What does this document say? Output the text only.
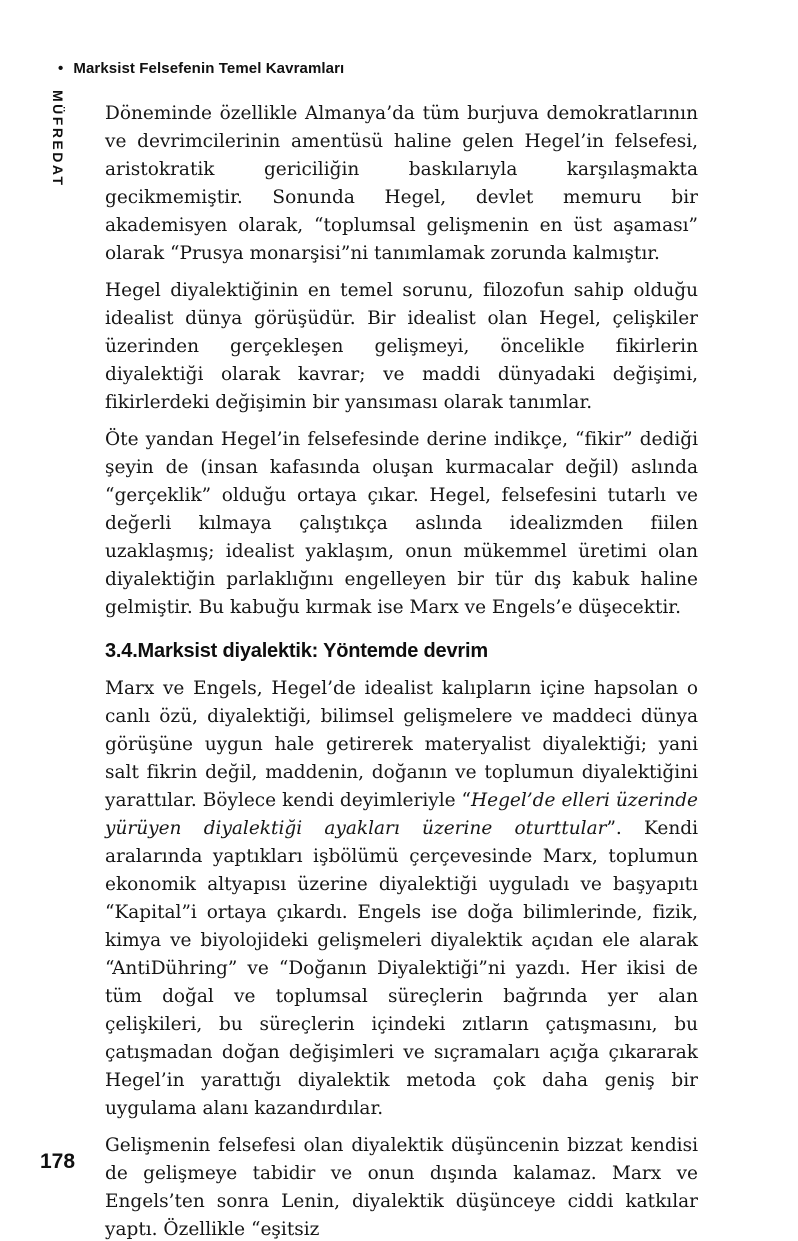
• Marksist Felsefenin Temel Kavramları
MÜFREDAT Döneminde özellikle Almanya’da tüm burjuva demokratlarının ve devrimcilerinin amentüsü haline gelen Hegel’in felsefesi, aristokratik gericiliğin baskılarıyla karşılaşmakta gecikmemiştir. Sonunda Hegel, devlet memuru bir akademisyen olarak, “toplumsal gelişmenin en üst aşaması” olarak “Prusya monarşisi”ni tanımlamak zorunda kalmıştır.

Hegel diyalektiğinin en temel sorunu, filozofun sahip olduğu idealist dünya görüşüdür. Bir idealist olan Hegel, çelişkiler üzerinden gerçekleşen gelişmeyi, öncelikle fikirlerin diyalektiği olarak kavrar; ve maddi dünyadaki değişimi, fikirlerdeki değişimin bir yansıması olarak tanımlar.

Öte yandan Hegel’in felsefesinde derine indikçe, “fikir” dediği şeyin de (insan kafasında oluşan kurmacalar değil) aslında “gerçeklik” olduğu ortaya çıkar. Hegel, felsefesini tutarlı ve değerli kılmaya çalıştıkça aslında idealizmden fiilen uzaklaşmış; idealist yaklaşım, onun mükemmel üretimi olan diyalektiğin parlaklığını engelleyen bir tür dış kabuk haline gelmiştir. Bu kabuğu kırmak ise Marx ve Engels’e düşecektir.

3.4.Marksist diyalektik: Yöntemde devrim

Marx ve Engels, Hegel’de idealist kalıpların içine hapsolan o canlı özü, diyalektiği, bilimsel gelişmelere ve maddeci dünya görüşüne uygun hale getirerek materyalist diyalektiği; yani salt fikrin değil, maddenin, doğanın ve toplumun diyalektiğini yarattılar. Böylece kendi deyimleriyle “Hegel’de elleri üzerinde yürüyen diyalektiği ayakları üzerine oturttular”. Kendi aralarında yaptıkları işbölümü çerçevesinde Marx, toplumun ekonomik altyapısı üzerine diyalektiği uyguladı ve başyapıtı “Kapital”i ortaya çıkardı. Engels ise doğa bilimlerinde, fizik, kimya ve biyolojideki gelişmeleri diyalektik açıdan ele alarak “AntiDühring” ve “Doğanın Diyalektiği”ni yazdı. Her ikisi de tüm doğal ve toplumsal süreçlerin bağrında yer alan çelişkileri, bu süreçlerin içindeki zıtların çatışmasını, bu çatışmadan doğan değişimleri ve sıçramaları açığa çıkararak Hegel’in yarattığı diyalektik metoda çok daha geniş bir uygulama alanı kazandırdılar.

Gelişmenin felsefesi olan diyalektik düşüncenin bizzat kendisi de gelişmeye tabidir ve onun dışında kalamaz. Marx ve Engels’ten sonra Lenin, diyalektik düşünceye ciddi katkılar yaptı. Özellikle “eşitsiz

178
